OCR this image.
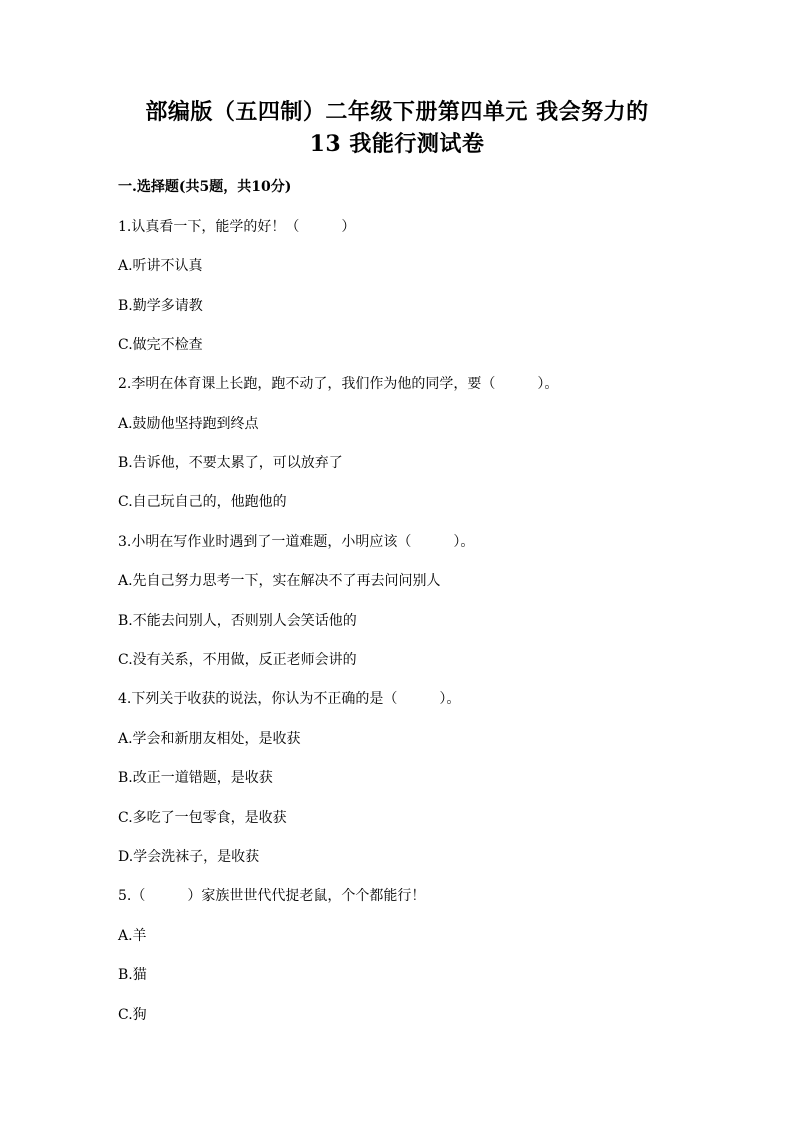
部编版（五四制）二年级下册第四单元 我会努力的
13 我能行测试卷
一.选择题(共5题，共10分)
1.认真看一下，能学的好！（　　　）
A.听讲不认真
B.勤学多请教
C.做完不检查
2.李明在体育课上长跑，跑不动了，我们作为他的同学，要（　　　）。
A.鼓励他坚持跑到终点
B.告诉他，不要太累了，可以放弃了
C.自己玩自己的，他跑他的
3.小明在写作业时遇到了一道难题，小明应该（　　　）。
A.先自己努力思考一下，实在解决不了再去问问别人
B.不能去问别人，否则别人会笑话他的
C.没有关系，不用做，反正老师会讲的
4.下列关于收获的说法，你认为不正确的是（　　　）。
A.学会和新朋友相处，是收获
B.改正一道错题，是收获
C.多吃了一包零食，是收获
D.学会洗袜子，是收获
5.（　　　）家族世世代代捉老鼠，个个都能行！
A.羊
B.猫
C.狗
